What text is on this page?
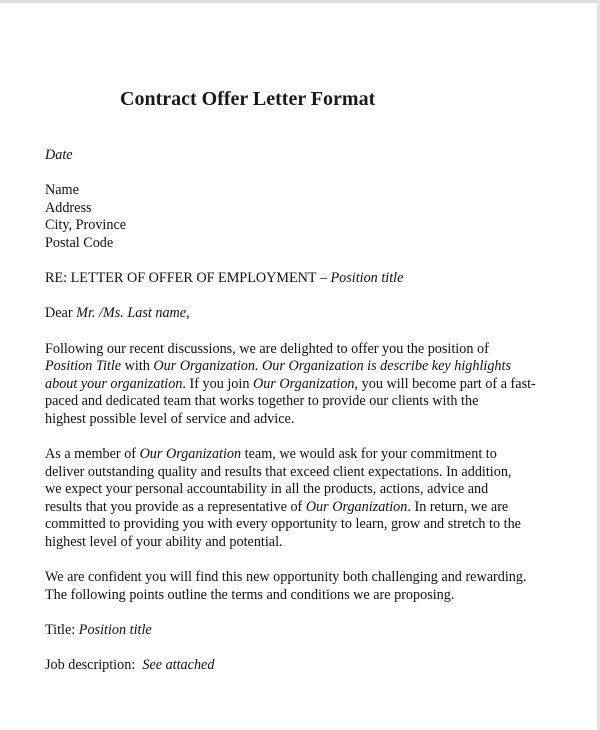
Contract Offer Letter Format
Date
Name
Address
City, Province
Postal Code
RE: LETTER OF OFFER OF EMPLOYMENT – Position title
Dear Mr. /Ms. Last name,
Following our recent discussions, we are delighted to offer you the position of
Position Title with Our Organization. Our Organization is describe key highlights
about your organization. If you join Our Organization, you will become part of a fast-
paced and dedicated team that works together to provide our clients with the
highest possible level of service and advice.
As a member of Our Organization team, we would ask for your commitment to
deliver outstanding quality and results that exceed client expectations. In addition,
we expect your personal accountability in all the products, actions, advice and
results that you provide as a representative of Our Organization. In return, we are
committed to providing you with every opportunity to learn, grow and stretch to the
highest level of your ability and potential.
We are confident you will find this new opportunity both challenging and rewarding.
The following points outline the terms and conditions we are proposing.
Title: Position title
Job description:  See attached
